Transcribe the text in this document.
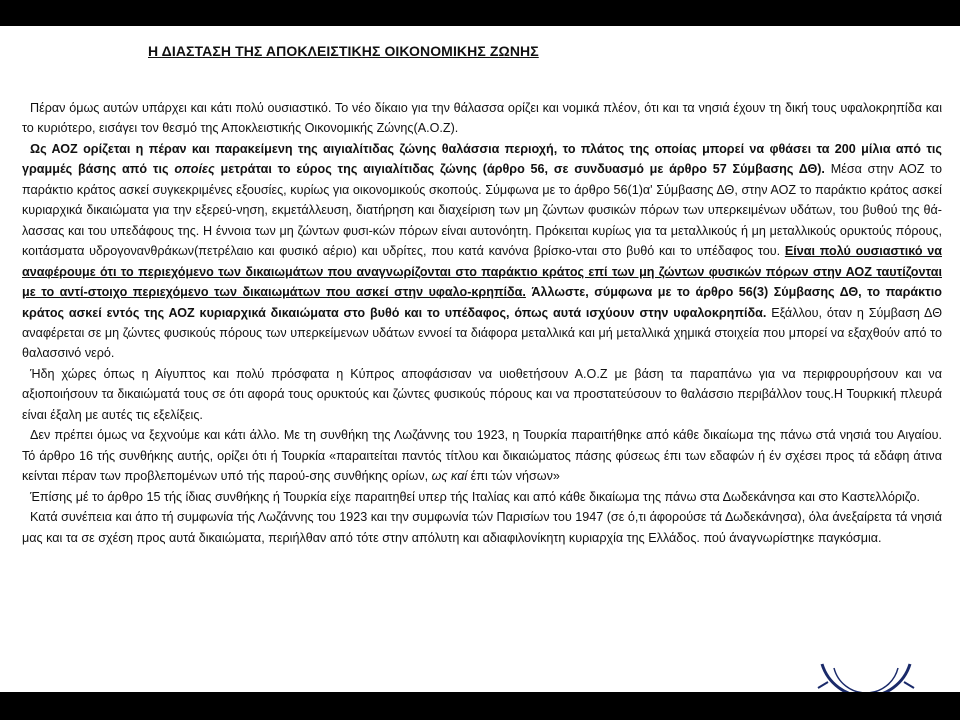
Η ΔΙΑΣΤΑΣΗ ΤΗΣ ΑΠΟΚΛΕΙΣΤΙΚΗΣ ΟΙΚΟΝΟΜΙΚΗΣ ΖΩΝΗΣ

Πέραν όμως αυτών υπάρχει και κάτι πολύ ουσιαστικό. Το νέο δίκαιο για την θάλασσα ορίζει και νομικά πλέον, ότι και τα νησιά έχουν τη δική τους υφαλοκρηπίδα και το κυριότερο, εισάγει τον θεσμό της Αποκλειστικής Οικονομικής Ζώνης(Α.Ο.Ζ).

Ως ΑΟΖ ορίζεται η πέραν και παρακείμενη της αιγιαλίτιδας ζώνης θαλάσσια περιοχή, το πλάτος της οποίας μπορεί να φθάσει τα 200 μίλια από τις γραμμές βάσης από τις οποίες μετράται το εύρος της αιγιαλίτιδας ζώνης (άρθρο 56, σε συνδυασμό με άρθρο 57 Σύμβασης ΔΘ). Μέσα στην ΑΟΖ το παράκτιο κράτος ασκεί συγκεκριμένες εξουσίες, κυρίως για οικονομικούς σκοπούς. Σύμφωνα με το άρθρο 56(1)α' Σύμβασης ΔΘ, στην ΑΟΖ το παράκτιο κράτος ασκεί κυριαρχικά δικαιώματα για την εξερεύ-νηση, εκμετάλλευση, διατήρηση και διαχείριση των μη ζώντων φυσικών πόρων των υπερκειμένων υδάτων, του βυθού της θά-λασσας και του υπεδάφους της. Η έννοια των μη ζώντων φυσι-κών πόρων είναι αυτονόητη. Πρόκειται κυρίως για τα μεταλλικούς ή μη μεταλλικούς ορυκτούς πόρους, κοιτάσματα υδρογονανθράκων(πετρέλαιο και φυσικό αέριο) και υδρίτες, που κατά κανόνα βρίσκο-νται στο βυθό και το υπέδαφος του. Είναι πολύ ουσιαστικό να αναφέρουμε ότι το περιεχόμενο των δικαιωμάτων που αναγνωρίζονται στο παράκτιο κράτος επί των μη ζώντων φυσικών πόρων στην ΑΟΖ ταυτίζονται με το αντί-στοιχο περιεχόμενο των δικαιωμάτων που ασκεί στην υφαλο-κρηπίδα. Άλλωστε, σύμφωνα με το άρθρο 56(3) Σύμβασης ΔΘ, το παράκτιο κράτος ασκεί εντός της ΑΟΖ κυριαρχικά δικαιώματα στο βυθό και το υπέδαφος, όπως αυτά ισχύουν στην υφαλοκρηπίδα. Εξάλλου, όταν η Σύμβαση ΔΘ αναφέρεται σε μη ζώντες φυσικούς πόρους των υπερκείμενων υδάτων εννοεί τα διάφορα μεταλλικά και μή μεταλλικά χημικά στοιχεία που μπορεί να εξαχθούν από το θαλασσινό νερό.

Ήδη χώρες όπως η Αίγυπτος και πολύ πρόσφατα η Κύπρος αποφάσισαν να υιοθετήσουν Α.Ο.Ζ με βάση τα παραπάνω για να περιφρουρήσουν και να αξιοποιήσουν τα δικαιώματά τους σε ότι αφορά τους ορυκτούς και ζώντες φυσικούς πόρους και να προστατεύσουν το θαλάσσιο περιβάλλον τους.Η Τουρκική πλευρά είναι έξαλη με αυτές τις εξελίξεις.

Δεν πρέπει όμως να ξεχνούμε και κάτι άλλο. Με τη συνθήκη της Λωζάννης του 1923, η Τουρκία παραιτήθηκε από κάθε δικαίωμα της πάνω στά νησιά του Αιγαίου. Τό άρθρο 16 τής συνθήκης αυτής, ορίζει ότι ή Τουρκία «παραιτείται παντός τίτλου και δικαιώματος πάσης φύσεως έπι των εδαφών ή έν σχέσει προς τά εδάφη άτινα κείνται πέραν των προβλεπομένων υπό τής παρού-σης συνθήκης ορίων, ως καί έπι τών νήσων»

Έπίσης μέ το άρθρο 15 τής ίδιας συνθήκης ή Τουρκία είχε παραιτηθεί υπερ τής Ιταλίας και από κάθε δικαίωμα της πάνω στα Δωδεκάνησα και στο Καστελλόριζο.

Κατά συνέπεια και άπο τή συμφωνία τής Λωζάννης του 1923 και την συμφωνία τών Παρισίων του 1947 (σε ό,τι άφορούσε τά Δωδεκάνησα), όλα άνεξαίρετα τά νησιά μας και τα σε σχέση προς αυτά δικαιώματα, περιήλθαν από τότε στην απόλυτη και αδιαφιλονίκητη κυριαρχία της Ελλάδος. πού άναγνωρίστηκε παγκόσμια.

Ι.Γ.Μ.Ε
